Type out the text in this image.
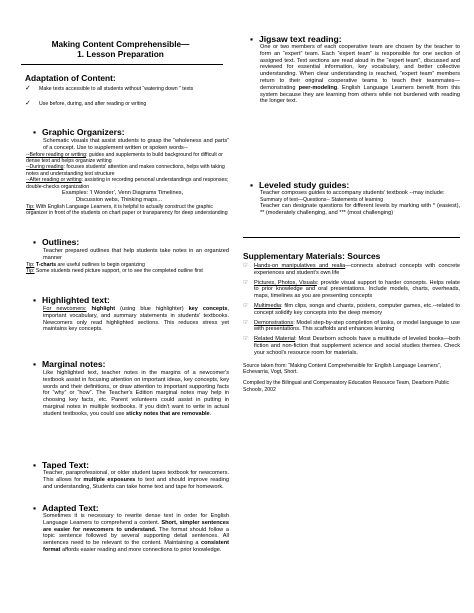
Making Content Comprehensible—

1. Lesson Preparation

Adaptation of Content:

✓	Make texts accessible to all students without “watering down ” texts
✓	Use before, during, and after reading or writing

▪ Graphic Organizers:

Schematic visuals that assist students to grasp the “wholeness and parts” of a concept. Use to supplement written or spoken words--

--Before reading or writing: guides and supplements to build background for difficult or dense text and helps organize writing

--During reading: focuses students' attention and makes connections, helps with taking notes and understanding text structure

--After reading or writing: assisting in recording personal understandings and responses; double-checks organization

Examples: ‘I Wonder’, Venn Diagrams Timelines,

Discussion webs, Thinking maps…

Tip: With English Language Learners, it is helpful to actually construct the graphic organizer in front of the students on chart paper or transparency for deep understanding

▪ Outlines:

Teacher prepared outlines that help students take notes in an organized manner

Tip: T-charts are useful outlines to begin organizing

Tip: Some students need picture support, or to see the completed outline first

▪ Highlighted text:

For newcomers: highlight (using blue highlighter) key concepts, important vocabulary, and summary statements in students' textbooks. Newcomers only read highlighted sections. This reduces stress yet maintains key concepts.

▪ Marginal notes:

Like highlighted text, teacher notes in the margins of a newcomer's textbook assist in focusing attention on important ideas, key concepts, key words and their definitions, or draw attention to important supporting facts for “why” or “how”. The Teacher's Edition marginal notes may help in choosing key facts, etc. Parent volunteers could assist in putting in marginal notes in multiple textbooks. If you didn't want to write in actual student textbooks, you could use sticky notes that are removable.

▪ Taped Text:

Teacher, paraprofessional, or older student tapes textbook for newcomers. This allows for multiple exposures to text and should improve reading and understanding, Students can take home text and tape for homework.

▪ Adapted Text:

Sometimes it is necessary to rewrite dense text in order for English Language Learners to comprehend a content. Short, simpler sentences are easier for newcomers to understand. The format should follow a topic sentence followed by several supporting detail sentences. All sentences need to be relevant to the content. Maintaining a consistent format affords easier reading and more connections to prior knowledge.

▪ Jigsaw text reading:

One or two members of each cooperative team are chosen by the teacher to form an “expert” team. Each “expert team” is responsible for one section of assigned text. Text sections are read aloud in the “expert team”, discussed and reviewed for essential information, key vocabulary, and better collective understanding. When clear understanding is reached, “expert team” members return to their original cooperative teams to teach their teammates—demonstrating peer-modeling. English Language Learners benefit from this system because they are learning from others while not burdened with reading the longer text.

▪ Leveled study guides:

Teacher composes guides to accompany students' textbook --may include:

Summary of text—Questions-- Statements of learning

Teacher can designate questions for different levels by marking with * (easiest), ** (moderately challenging, and *** (most challenging)

Supplementary Materials: Sources

☞	Hands-on manipulatives and realia—connects abstract concepts with concrete experiences and student's own life
☞	Pictures, Photos, Visuals: provide visual support to harder concepts. Helps relate to prior knowledge and oral presentations. Include models, charts, overheads, maps, timelines as you are presenting concepts
☞	Multimedia: film clips, songs and chants, posters, computer games, etc.--related to concept solidify key concepts into the deep memory
☞	Demonstrations: Model step-by-step completion of tasks, or model language to use with presentations. This scaffolds and enhances learning
☞	Related Material: Most Dearborn schools have a multitude of leveled books—both fiction and non-fiction that supplement science and social studies themes. Check your school's resource room for materials.

Source taken from: “Making Content Comprehensible for English Language Learners”, Echevarria, Vogt, Short.

Compiled by the Bilingual and Compensatory Education Resource Team, Dearborn Public Schools, 2002
